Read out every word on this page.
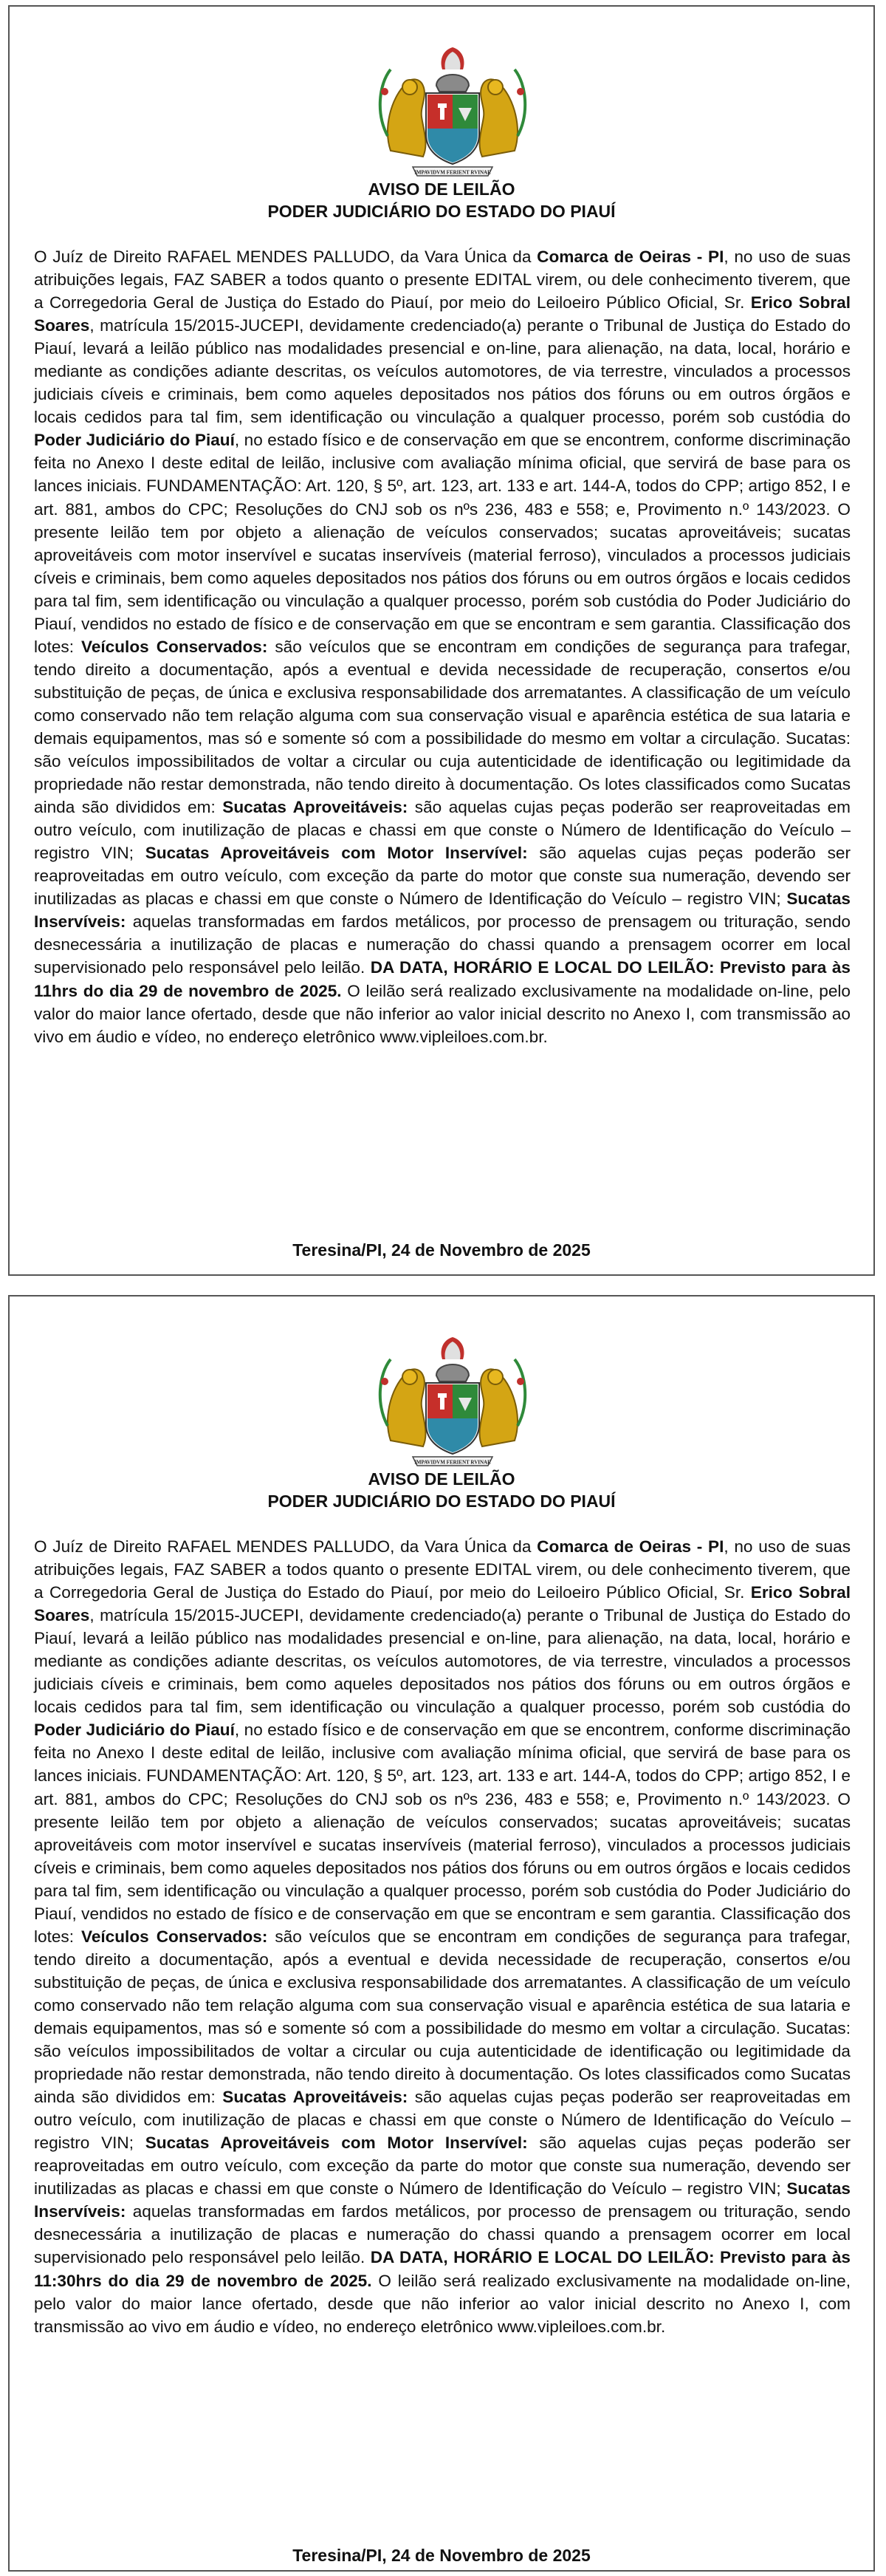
IMPAVIDVM FERIENT RVINAE
AVISO DE LEILÃO
PODER JUDICIÁRIO DO ESTADO DO PIAUÍ

O Juíz de Direito RAFAEL MENDES PALLUDO, da Vara Única da Comarca de Oeiras - PI, no uso de suas atribuições legais, FAZ SABER a todos quanto o presente EDITAL virem, ou dele conhecimento tiverem, que a Corregedoria Geral de Justiça do Estado do Piauí, por meio do Leiloeiro Público Oficial, Sr. Erico Sobral Soares, matrícula 15/2015-JUCEPI, devidamente credenciado(a) perante o Tribunal de Justiça do Estado do Piauí, levará a leilão público nas modalidades presencial e on-line, para alienação, na data, local, horário e mediante as condições adiante descritas, os veículos automotores, de via terrestre, vinculados a processos judiciais cíveis e criminais, bem como aqueles depositados nos pátios dos fóruns ou em outros órgãos e locais cedidos para tal fim, sem identificação ou vinculação a qualquer processo, porém sob custódia do Poder Judiciário do Piauí, no estado físico e de conservação em que se encontrem, conforme discriminação feita no Anexo I deste edital de leilão, inclusive com avaliação mínima oficial, que servirá de base para os lances iniciais. FUNDAMENTAÇÃO: Art. 120, § 5º, art. 123, art. 133 e art. 144-A, todos do CPP; artigo 852, I e art. 881, ambos do CPC; Resoluções do CNJ sob os nºs 236, 483 e 558; e, Provimento n.º 143/2023. O presente leilão tem por objeto a alienação de veículos conservados; sucatas aproveitáveis; sucatas aproveitáveis com motor inservível e sucatas inservíveis (material ferroso), vinculados a processos judiciais cíveis e criminais, bem como aqueles depositados nos pátios dos fóruns ou em outros órgãos e locais cedidos para tal fim, sem identificação ou vinculação a qualquer processo, porém sob custódia do Poder Judiciário do Piauí, vendidos no estado de físico e de conservação em que se encontram e sem garantia. Classificação dos lotes: Veículos Conservados: são veículos que se encontram em condições de segurança para trafegar, tendo direito a documentação, após a eventual e devida necessidade de recuperação, consertos e/ou substituição de peças, de única e exclusiva responsabilidade dos arrematantes. A classificação de um veículo como conservado não tem relação alguma com sua conservação visual e aparência estética de sua lataria e demais equipamentos, mas só e somente só com a possibilidade do mesmo em voltar a circulação. Sucatas: são veículos impossibilitados de voltar a circular ou cuja autenticidade de identificação ou legitimidade da propriedade não restar demonstrada, não tendo direito à documentação. Os lotes classificados como Sucatas ainda são divididos em: Sucatas Aproveitáveis: são aquelas cujas peças poderão ser reaproveitadas em outro veículo, com inutilização de placas e chassi em que conste o Número de Identificação do Veículo – registro VIN; Sucatas Aproveitáveis com Motor Inservível: são aquelas cujas peças poderão ser reaproveitadas em outro veículo, com exceção da parte do motor que conste sua numeração, devendo ser inutilizadas as placas e chassi em que conste o Número de Identificação do Veículo – registro VIN; Sucatas Inservíveis: aquelas transformadas em fardos metálicos, por processo de prensagem ou trituração, sendo desnecessária a inutilização de placas e numeração do chassi quando a prensagem ocorrer em local supervisionado pelo responsável pelo leilão. DA DATA, HORÁRIO E LOCAL DO LEILÃO: Previsto para às 11hrs do dia 29 de novembro de 2025. O leilão será realizado exclusivamente na modalidade on-line, pelo valor do maior lance ofertado, desde que não inferior ao valor inicial descrito no Anexo I, com transmissão ao vivo em áudio e vídeo, no endereço eletrônico www.vipleiloes.com.br.

Teresina/PI, 24 de Novembro de 2025
IMPAVIDVM FERIENT RVINAE
AVISO DE LEILÃO
PODER JUDICIÁRIO DO ESTADO DO PIAUÍ

O Juíz de Direito RAFAEL MENDES PALLUDO, da Vara Única da Comarca de Oeiras - PI, no uso de suas atribuições legais, FAZ SABER a todos quanto o presente EDITAL virem, ou dele conhecimento tiverem, que a Corregedoria Geral de Justiça do Estado do Piauí, por meio do Leiloeiro Público Oficial, Sr. Erico Sobral Soares, matrícula 15/2015-JUCEPI, devidamente credenciado(a) perante o Tribunal de Justiça do Estado do Piauí, levará a leilão público nas modalidades presencial e on-line, para alienação, na data, local, horário e mediante as condições adiante descritas, os veículos automotores, de via terrestre, vinculados a processos judiciais cíveis e criminais, bem como aqueles depositados nos pátios dos fóruns ou em outros órgãos e locais cedidos para tal fim, sem identificação ou vinculação a qualquer processo, porém sob custódia do Poder Judiciário do Piauí, no estado físico e de conservação em que se encontrem, conforme discriminação feita no Anexo I deste edital de leilão, inclusive com avaliação mínima oficial, que servirá de base para os lances iniciais. FUNDAMENTAÇÃO: Art. 120, § 5º, art. 123, art. 133 e art. 144-A, todos do CPP; artigo 852, I e art. 881, ambos do CPC; Resoluções do CNJ sob os nºs 236, 483 e 558; e, Provimento n.º 143/2023. O presente leilão tem por objeto a alienação de veículos conservados; sucatas aproveitáveis; sucatas aproveitáveis com motor inservível e sucatas inservíveis (material ferroso), vinculados a processos judiciais cíveis e criminais, bem como aqueles depositados nos pátios dos fóruns ou em outros órgãos e locais cedidos para tal fim, sem identificação ou vinculação a qualquer processo, porém sob custódia do Poder Judiciário do Piauí, vendidos no estado de físico e de conservação em que se encontram e sem garantia. Classificação dos lotes: Veículos Conservados: são veículos que se encontram em condições de segurança para trafegar, tendo direito a documentação, após a eventual e devida necessidade de recuperação, consertos e/ou substituição de peças, de única e exclusiva responsabilidade dos arrematantes. A classificação de um veículo como conservado não tem relação alguma com sua conservação visual e aparência estética de sua lataria e demais equipamentos, mas só e somente só com a possibilidade do mesmo em voltar a circulação. Sucatas: são veículos impossibilitados de voltar a circular ou cuja autenticidade de identificação ou legitimidade da propriedade não restar demonstrada, não tendo direito à documentação. Os lotes classificados como Sucatas ainda são divididos em: Sucatas Aproveitáveis: são aquelas cujas peças poderão ser reaproveitadas em outro veículo, com inutilização de placas e chassi em que conste o Número de Identificação do Veículo – registro VIN; Sucatas Aproveitáveis com Motor Inservível: são aquelas cujas peças poderão ser reaproveitadas em outro veículo, com exceção da parte do motor que conste sua numeração, devendo ser inutilizadas as placas e chassi em que conste o Número de Identificação do Veículo – registro VIN; Sucatas Inservíveis: aquelas transformadas em fardos metálicos, por processo de prensagem ou trituração, sendo desnecessária a inutilização de placas e numeração do chassi quando a prensagem ocorrer em local supervisionado pelo responsável pelo leilão. DA DATA, HORÁRIO E LOCAL DO LEILÃO: Previsto para às 11:30hrs do dia 29 de novembro de 2025. O leilão será realizado exclusivamente na modalidade on-line, pelo valor do maior lance ofertado, desde que não inferior ao valor inicial descrito no Anexo I, com transmissão ao vivo em áudio e vídeo, no endereço eletrônico www.vipleiloes.com.br.

Teresina/PI, 24 de Novembro de 2025
